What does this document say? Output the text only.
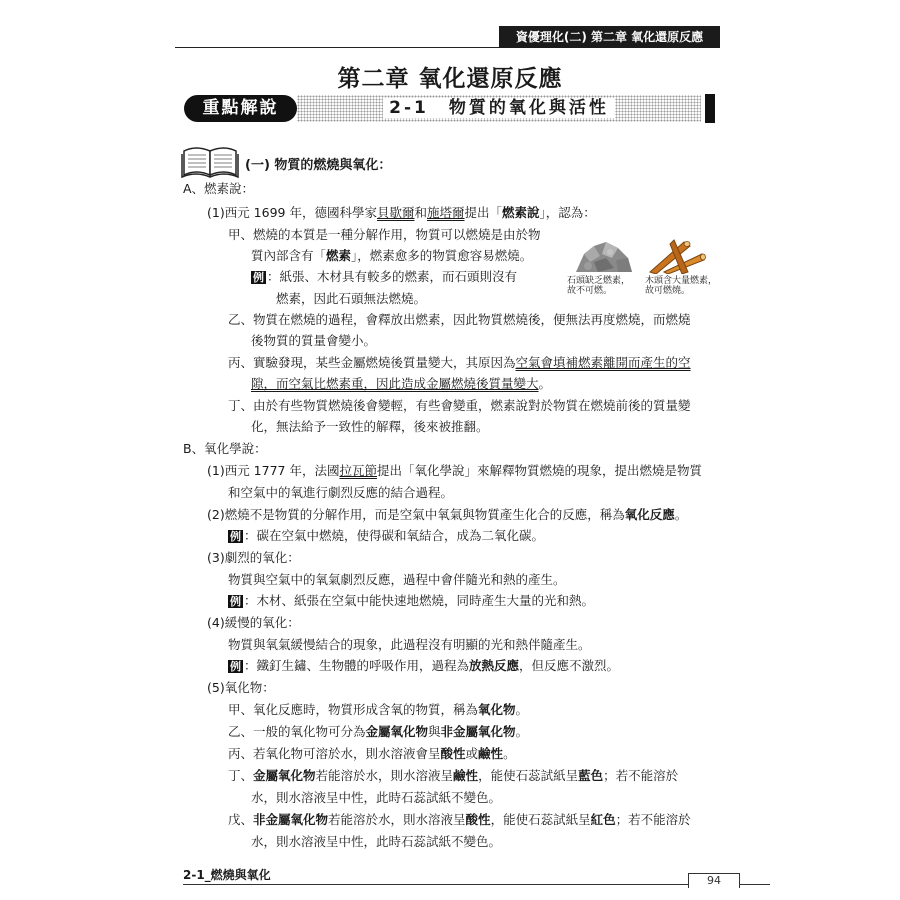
資優理化(二) 第二章 氧化還原反應
第二章 氧化還原反應
重點解說	2-1　物質的氧化與活性
(一) 物質的燃燒與氧化：
A、燃素說：
(1)西元 1699 年，德國科學家貝歇爾和施塔爾提出「燃素說」，認為：
甲、燃燒的本質是一種分解作用，物質可以燃燒是由於物
質內部含有「燃素」，燃素愈多的物質愈容易燃燒。
例 ：紙張、木材具有較多的燃素，而石頭則沒有
燃素，因此石頭無法燃燒。
石頭缺乏燃素，故不可燃。
木頭含大量燃素，故可燃燒。
乙、物質在燃燒的過程，會釋放出燃素，因此物質燃燒後，便無法再度燃燒，而燃燒
後物質的質量會變小。
丙、實驗發現，某些金屬燃燒後質量變大，其原因為空氣會填補燃素離開而產生的空
隙，而空氣比燃素重，因此造成金屬燃燒後質量變大。
丁、由於有些物質燃燒後會變輕，有些會變重，燃素說對於物質在燃燒前後的質量變
化，無法給予一致性的解釋，後來被推翻。
B、氧化學說：
(1)西元 1777 年，法國拉瓦節提出「氧化學說」來解釋物質燃燒的現象，提出燃燒是物質
和空氣中的氧進行劇烈反應的結合過程。
(2)燃燒不是物質的分解作用，而是空氣中氧氣與物質產生化合的反應，稱為氧化反應。
例 ：碳在空氣中燃燒，使得碳和氧結合，成為二氧化碳。
(3)劇烈的氧化：
物質與空氣中的氧氣劇烈反應，過程中會伴隨光和熱的產生。
例 ：木材、紙張在空氣中能快速地燃燒，同時產生大量的光和熱。
(4)緩慢的氧化：
物質與氧氣緩慢結合的現象，此過程沒有明顯的光和熱伴隨產生。
例 ：鐵釘生鏽、生物體的呼吸作用，過程為放熱反應，但反應不激烈。
(5)氧化物：
甲、氧化反應時，物質形成含氧的物質，稱為氧化物。
乙、一般的氧化物可分為金屬氧化物與非金屬氧化物。
丙、若氧化物可溶於水，則水溶液會呈酸性或鹼性。
丁、金屬氧化物若能溶於水，則水溶液呈鹼性，能使石蕊試紙呈藍色；若不能溶於
水，則水溶液呈中性，此時石蕊試紙不變色。
戊、非金屬氧化物若能溶於水，則水溶液呈酸性，能使石蕊試紙呈紅色；若不能溶於
水，則水溶液呈中性，此時石蕊試紙不變色。
2-1_燃燒與氧化	94
